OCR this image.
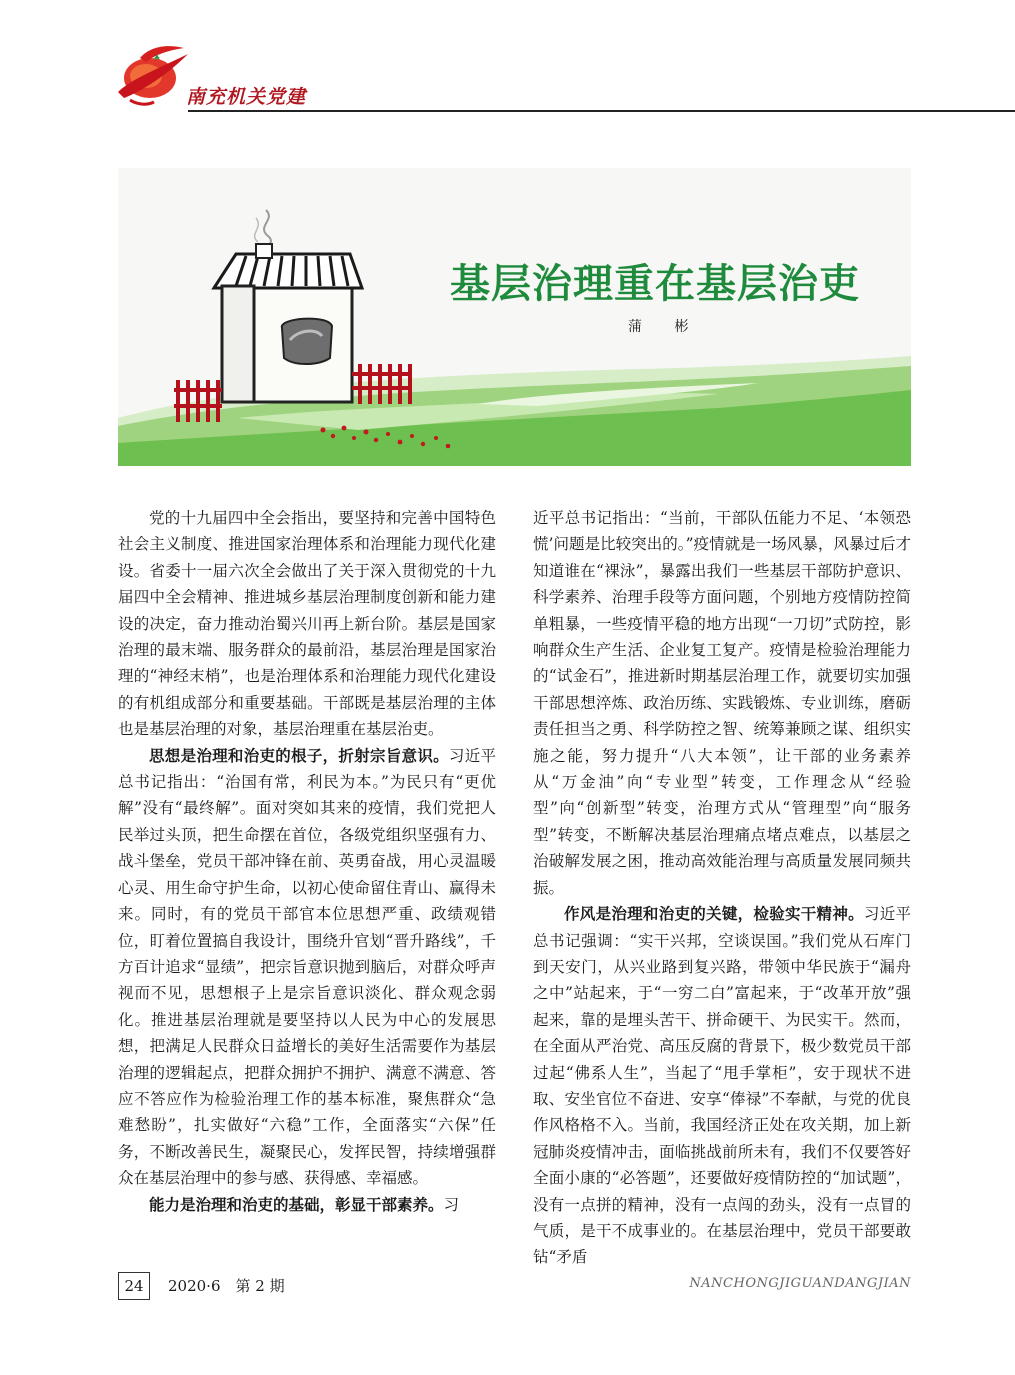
南充机关党建
基层治理重在基层治吏
蒲 彬

党的十九届四中全会指出，要坚持和完善中国特色社会主义制度、推进国家治理体系和治理能力现代化建设。省委十一届六次全会做出了关于深入贯彻党的十九届四中全会精神、推进城乡基层治理制度创新和能力建设的决定，奋力推动治蜀兴川再上新台阶。基层是国家治理的最末端、服务群众的最前沿，基层治理是国家治理的“神经末梢”，也是治理体系和治理能力现代化建设的有机组成部分和重要基础。干部既是基层治理的主体也是基层治理的对象，基层治理重在基层治吏。

思想是治理和治吏的根子，折射宗旨意识。习近平总书记指出：“治国有常，利民为本。”为民只有“更优解”没有“最终解”。面对突如其来的疫情，我们党把人民举过头顶，把生命摆在首位，各级党组织坚强有力、战斗堡垒，党员干部冲锋在前、英勇奋战，用心灵温暖心灵、用生命守护生命，以初心使命留住青山、赢得未来。同时，有的党员干部官本位思想严重、政绩观错位，盯着位置搞自我设计，围绕升官划“晋升路线”，千方百计追求“显绩”，把宗旨意识抛到脑后，对群众呼声视而不见，思想根子上是宗旨意识淡化、群众观念弱化。推进基层治理就是要坚持以人民为中心的发展思想，把满足人民群众日益增长的美好生活需要作为基层治理的逻辑起点，把群众拥护不拥护、满意不满意、答应不答应作为检验治理工作的基本标准，聚焦群众“急难愁盼”，扎实做好“六稳”工作，全面落实“六保”任务，不断改善民生，凝聚民心，发挥民智，持续增强群众在基层治理中的参与感、获得感、幸福感。

能力是治理和治吏的基础，彰显干部素养。习

近平总书记指出：“当前，干部队伍能力不足、‘本领恐慌’问题是比较突出的。”疫情就是一场风暴，风暴过后才知道谁在“裸泳”，暴露出我们一些基层干部防护意识、科学素养、治理手段等方面问题，个别地方疫情防控简单粗暴，一些疫情平稳的地方出现“一刀切”式防控，影响群众生产生活、企业复工复产。疫情是检验治理能力的“试金石”，推进新时期基层治理工作，就要切实加强干部思想淬炼、政治历练、实践锻炼、专业训练，磨砺责任担当之勇、科学防控之智、统筹兼顾之谋、组织实施之能，努力提升“八大本领”，让干部的业务素养从“万金油”向“专业型”转变，工作理念从“经验型”向“创新型”转变，治理方式从“管理型”向“服务型”转变，不断解决基层治理痛点堵点难点，以基层之治破解发展之困，推动高效能治理与高质量发展同频共振。

作风是治理和治吏的关键，检验实干精神。习近平总书记强调：“实干兴邦，空谈误国。”我们党从石库门到天安门，从兴业路到复兴路，带领中华民族于“漏舟之中”站起来，于“一穷二白”富起来，于“改革开放”强起来，靠的是埋头苦干、拼命硬干、为民实干。然而，在全面从严治党、高压反腐的背景下，极少数党员干部过起“佛系人生”，当起了“甩手掌柜”，安于现状不进取、安坐官位不奋进、安享“俸禄”不奉献，与党的优良作风格格不入。当前，我国经济正处在攻关期，加上新冠肺炎疫情冲击，面临挑战前所未有，我们不仅要答好全面小康的“必答题”，还要做好疫情防控的“加试题”，没有一点拼的精神，没有一点闯的劲头，没有一点冒的气质，是干不成事业的。在基层治理中，党员干部要敢钻“矛盾

24	2020·6　第 2 期	NANCHONGJIGUANDANGJIAN
